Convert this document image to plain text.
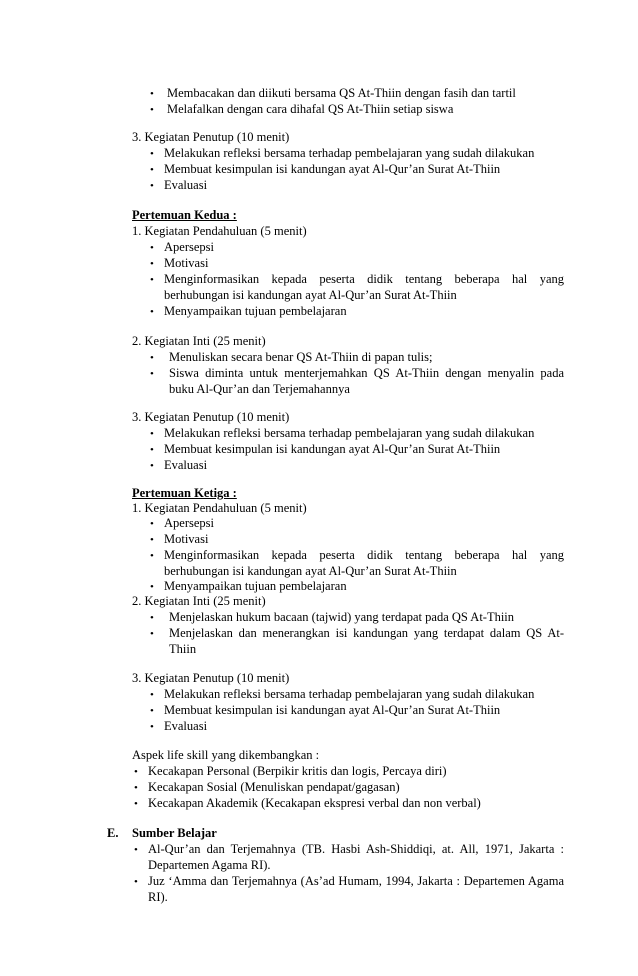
• Membacakan dan diikuti bersama QS At-Thiin dengan fasih dan tartil
• Melafalkan dengan cara dihafal QS At-Thiin setiap siswa
3. Kegiatan Penutup (10 menit)
• Melakukan refleksi bersama terhadap pembelajaran yang sudah dilakukan
• Membuat kesimpulan isi kandungan ayat Al-Qur’an Surat At-Thiin
• Evaluasi
Pertemuan Kedua :
1. Kegiatan Pendahuluan (5 menit)
• Apersepsi
• Motivasi
• Menginformasikan kepada peserta didik tentang beberapa hal yang
berhubungan isi kandungan ayat Al-Qur’an Surat At-Thiin
• Menyampaikan tujuan pembelajaran
2. Kegiatan Inti (25 menit)
• Menuliskan secara benar QS At-Thiin di papan tulis;
• Siswa diminta untuk menterjemahkan QS At-Thiin dengan menyalin pada
buku Al-Qur’an dan Terjemahannya
3. Kegiatan Penutup (10 menit)
• Melakukan refleksi bersama terhadap pembelajaran yang sudah dilakukan
• Membuat kesimpulan isi kandungan ayat Al-Qur’an Surat At-Thiin
• Evaluasi
Pertemuan Ketiga :
1. Kegiatan Pendahuluan (5 menit)
• Apersepsi
• Motivasi
• Menginformasikan kepada peserta didik tentang beberapa hal yang
berhubungan isi kandungan ayat Al-Qur’an Surat At-Thiin
• Menyampaikan tujuan pembelajaran
2. Kegiatan Inti (25 menit)
• Menjelaskan hukum bacaan (tajwid) yang terdapat pada QS At-Thiin
• Menjelaskan dan menerangkan isi kandungan yang terdapat dalam QS At-
Thiin
3. Kegiatan Penutup (10 menit)
• Melakukan refleksi bersama terhadap pembelajaran yang sudah dilakukan
• Membuat kesimpulan isi kandungan ayat Al-Qur’an Surat At-Thiin
• Evaluasi
Aspek life skill yang dikembangkan :
• Kecakapan Personal (Berpikir kritis dan logis, Percaya diri)
• Kecakapan Sosial (Menuliskan pendapat/gagasan)
• Kecakapan Akademik (Kecakapan ekspresi verbal dan non verbal)
E. Sumber Belajar
• Al-Qur’an dan Terjemahnya (TB. Hasbi Ash-Shiddiqi, at. All, 1971, Jakarta :
Departemen Agama RI).
• Juz ‘Amma dan Terjemahnya (As’ad Humam, 1994, Jakarta : Departemen Agama
RI).
